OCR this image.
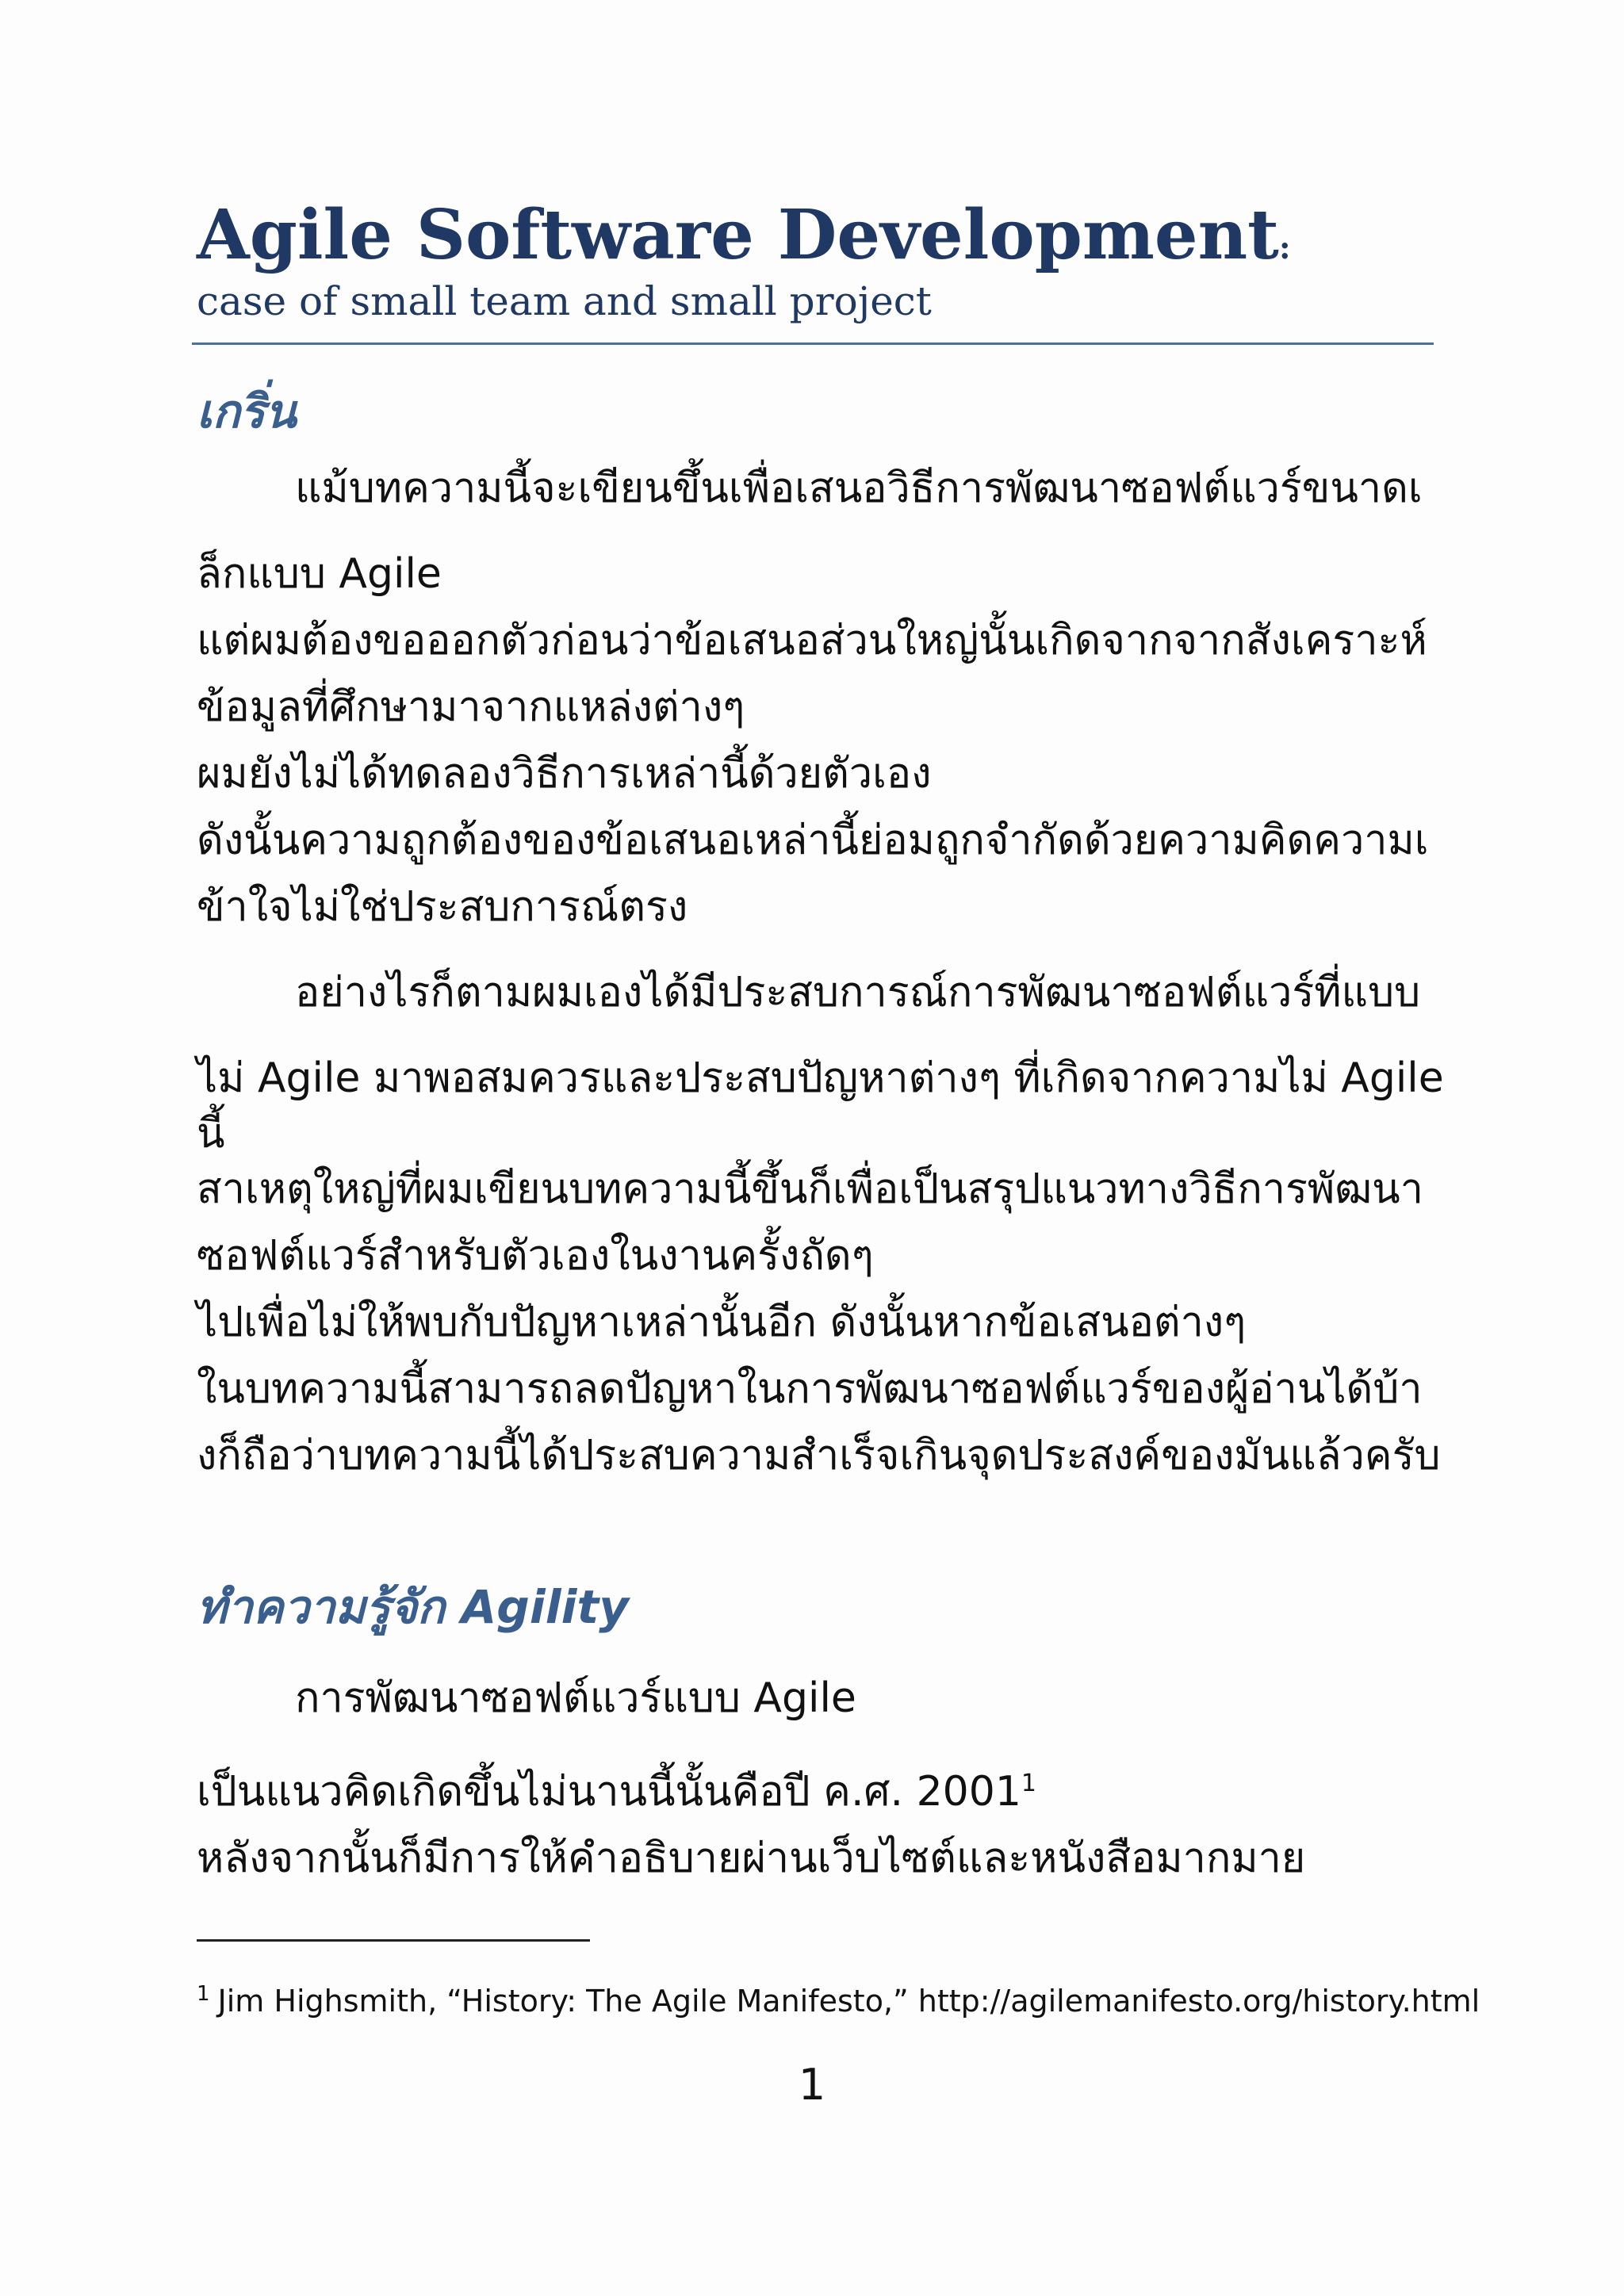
Agile Software Development:
case of small team and small project
เกริ่น

แม้บทความนี้จะเขียนขึ้นเพื่อเสนอวิธีการพัฒนาซอฟต์แวร์ขนาดเ

ล็กแบบ Agile

แต่ผมต้องขอออกตัวก่อนว่าข้อเสนอส่วนใหญ่นั้นเกิดจากจากสังเคราะห์

ข้อมูลที่ศึกษามาจากแหล่งต่างๆ

ผมยังไม่ได้ทดลองวิธีการเหล่านี้ด้วยตัวเอง

ดังนั้นความถูกต้องของข้อเสนอเหล่านี้ย่อมถูกจำกัดด้วยความคิดความเ

ข้าใจไม่ใช่ประสบการณ์ตรง

อย่างไรก็ตามผมเองได้มีประสบการณ์การพัฒนาซอฟต์แวร์ที่แบบ

ไม่ Agile มาพอสมควรและประสบปัญหาต่างๆ ที่เกิดจากความไม่ Agile

นี้

สาเหตุใหญ่ที่ผมเขียนบทความนี้ขึ้นก็เพื่อเป็นสรุปแนวทางวิธีการพัฒนา

ซอฟต์แวร์สำหรับตัวเองในงานครั้งถัดๆ

ไปเพื่อไม่ให้พบกับปัญหาเหล่านั้นอีก ดังนั้นหากข้อเสนอต่างๆ

ในบทความนี้สามารถลดปัญหาในการพัฒนาซอฟต์แวร์ของผู้อ่านได้บ้า

งก็ถือว่าบทความนี้ได้ประสบความสำเร็จเกินจุดประสงค์ของมันแล้วครับ

ทำความรู้จัก Agility

การพัฒนาซอฟต์แวร์แบบ Agile

เป็นแนวคิดเกิดขึ้นไม่นานนี้นั้นคือปี ค.ศ. 2001$^1$

หลังจากนั้นก็มีการให้คำอธิบายผ่านเว็บไซต์และหนังสือมากมาย

$^1$ Jim Highsmith, “History: The Agile Manifesto,” http://agilemanifesto.org/history.html
1
